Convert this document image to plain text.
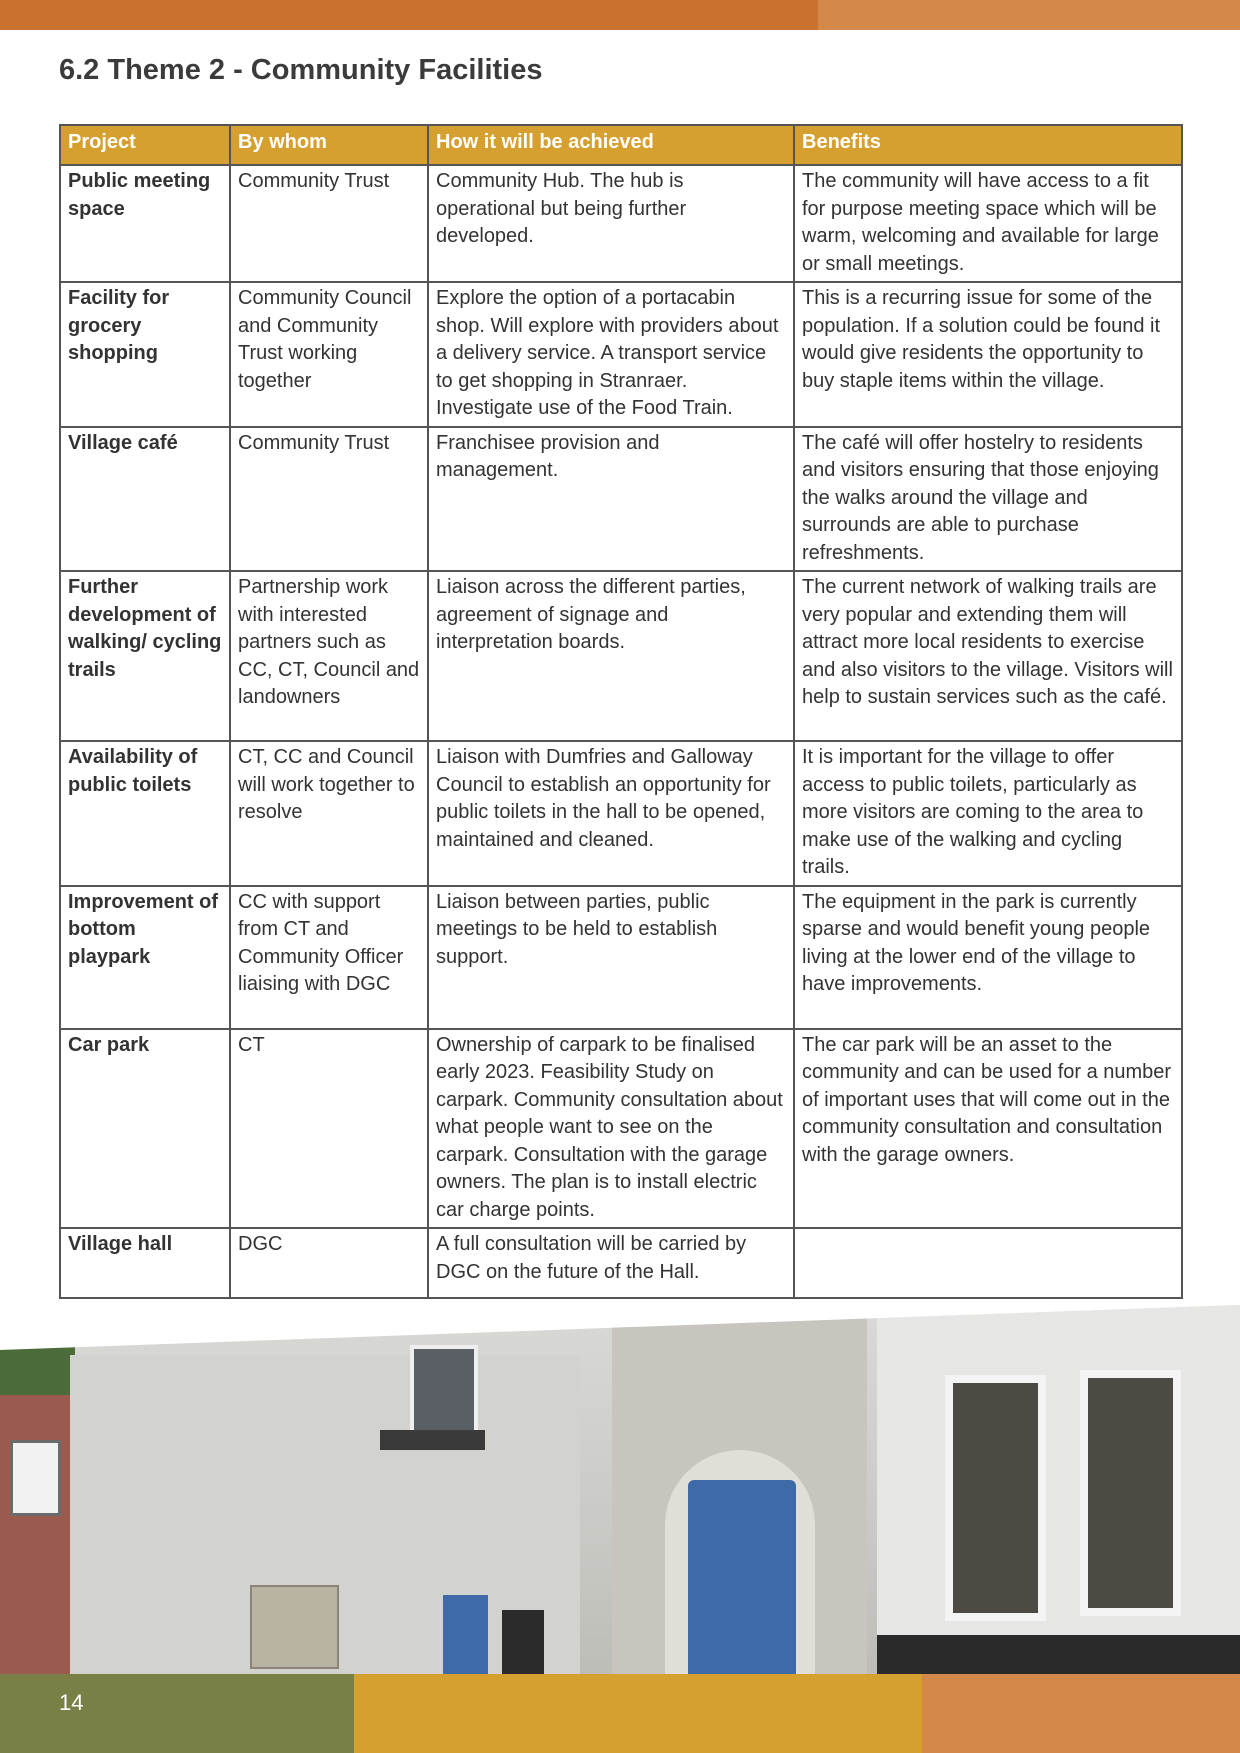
6.2 Theme 2 - Community Facilities
Project	By whom	How it will be achieved	Benefits
Public meeting space	Community Trust	Community Hub. The hub is operational but being further developed.	The community will have access to a fit for purpose meeting space which will be warm, welcoming and available for large or small meetings.
Facility for grocery shopping	Community Council and Community Trust working together	Explore the option of a portacabin shop. Will explore with providers about a delivery service. A transport service to get shopping in Stranraer. Investigate use of the Food Train.	This is a recurring issue for some of the population. If a solution could be found it would give residents the opportunity to buy staple items within the village.
Village café	Community Trust	Franchisee provision and management.	The café will offer hostelry to residents and visitors ensuring that those enjoying the walks around the village and surrounds are able to purchase refreshments.
Further development of walking/ cycling trails	Partnership work with interested partners such as CC, CT, Council and landowners	Liaison across the different parties, agreement of signage and interpretation boards.	The current network of walking trails are very popular and extending them will attract more local residents to exercise and also visitors to the village. Visitors will help to sustain services such as the café.
Availability of public toilets	CT, CC and Council will work together to resolve	Liaison with Dumfries and Galloway Council to establish an opportunity for public toilets in the hall to be opened, maintained and cleaned.	It is important for the village to offer access to public toilets, particularly as more visitors are coming to the area to make use of the walking and cycling trails.
Improvement of bottom playpark	CC with support from CT and Community Officer liaising with DGC	Liaison between parties, public meetings to be held to establish support.	The equipment in the park is currently sparse and would benefit young people living at the lower end of the village to have improvements.
Car park	CT	Ownership of carpark to be finalised early 2023. Feasibility Study on carpark. Community consultation about what people want to see on the carpark. Consultation with the garage owners. The plan is to install electric car charge points.	The car park will be an asset to the community and can be used for a number of important uses that will come out in the community consultation and consultation with the garage owners.
Village hall	DGC	A full consultation will be carried by DGC on the future of the Hall.	
14
